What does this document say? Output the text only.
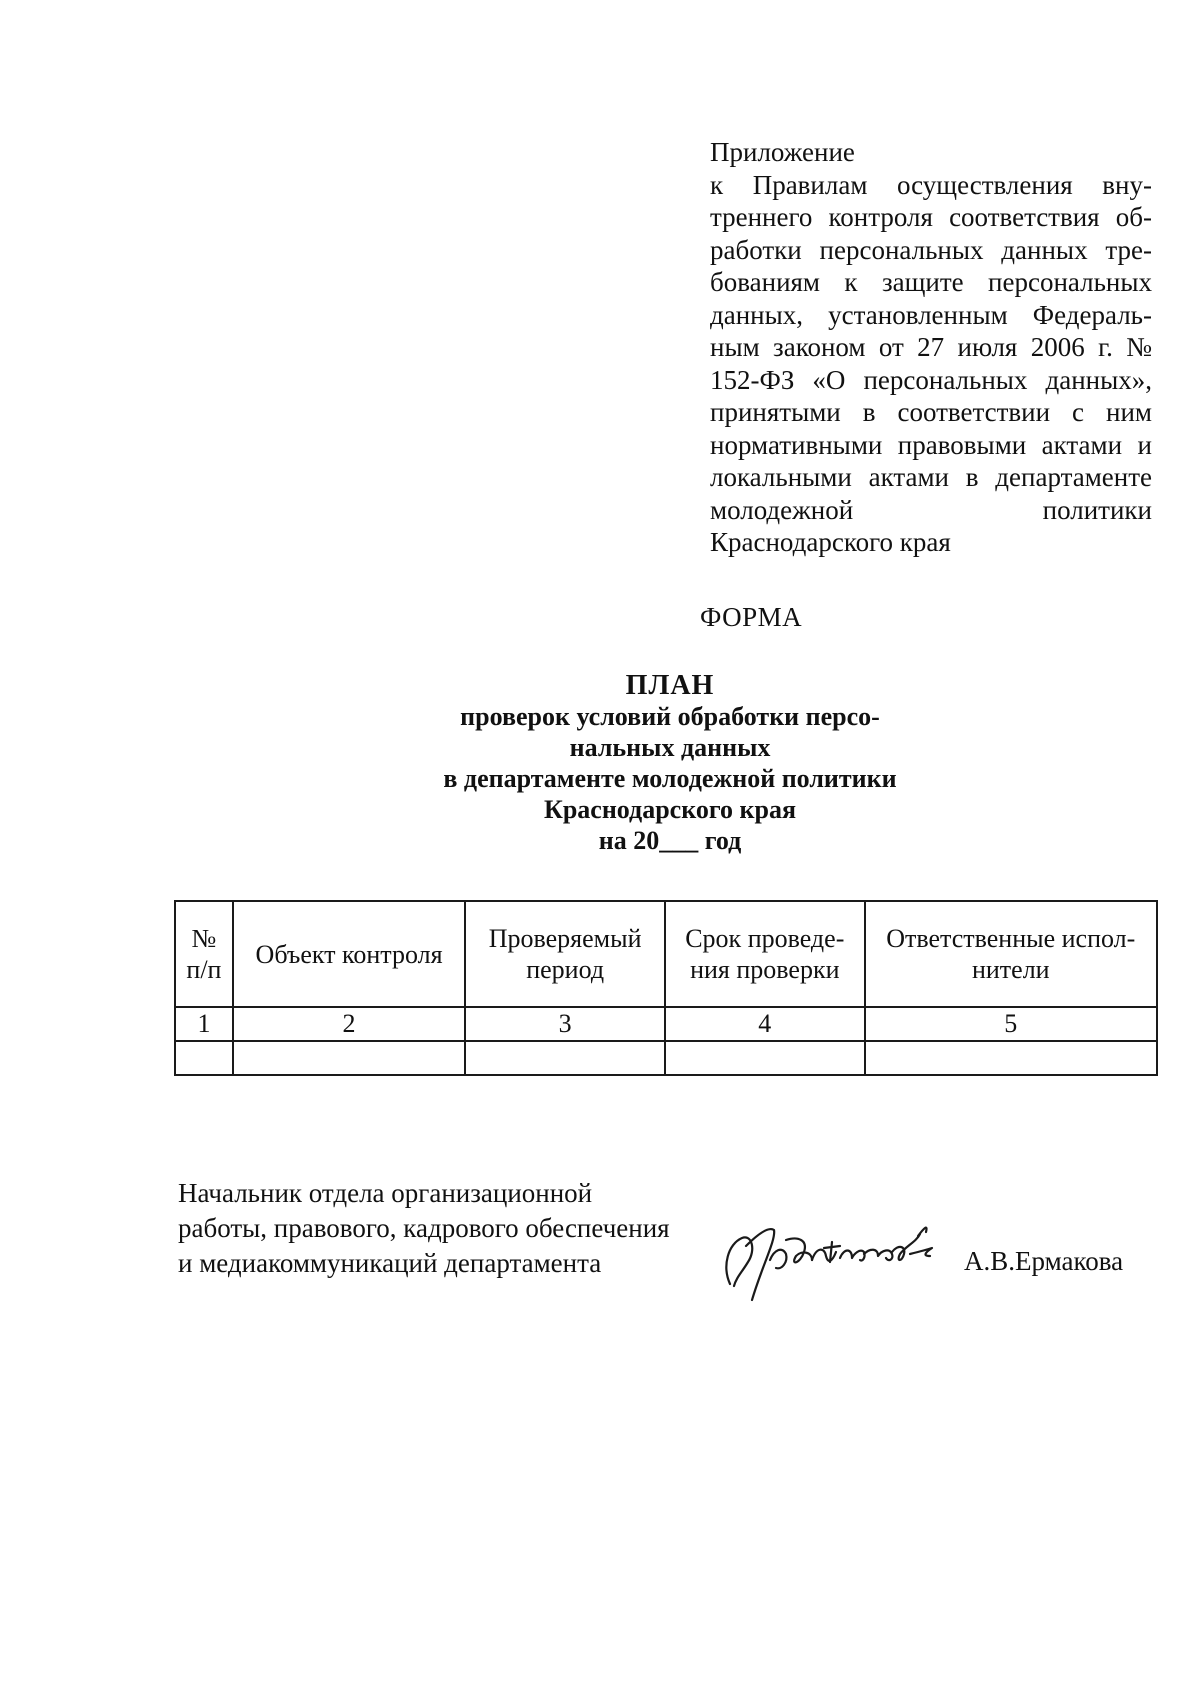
Приложение

к Правилам осуществления внутреннего контроля соответствия обработки персональных данных требованиям к защите персональных данных, установленным Федеральным законом от 27 июля 2006 г. № 152-ФЗ «О персональных данных», принятыми в соответствии с ним нормативными правовыми актами и локальными актами в департаменте молодежной политики Краснодарского края

ФОРМА
ПЛАН
проверок условий обработки персо-
нальных данных
в департаменте молодежной политики
Краснодарского края
на 20___ год
№ п/п	Объект контроля	Проверяемый период	Срок проведения проверки	Ответственные исполнители
1	2	3	4	5

Начальник отдела организационной
работы, правового, кадрового обеспечения
и медиакоммуникаций департамента	А.В.Ермакова
